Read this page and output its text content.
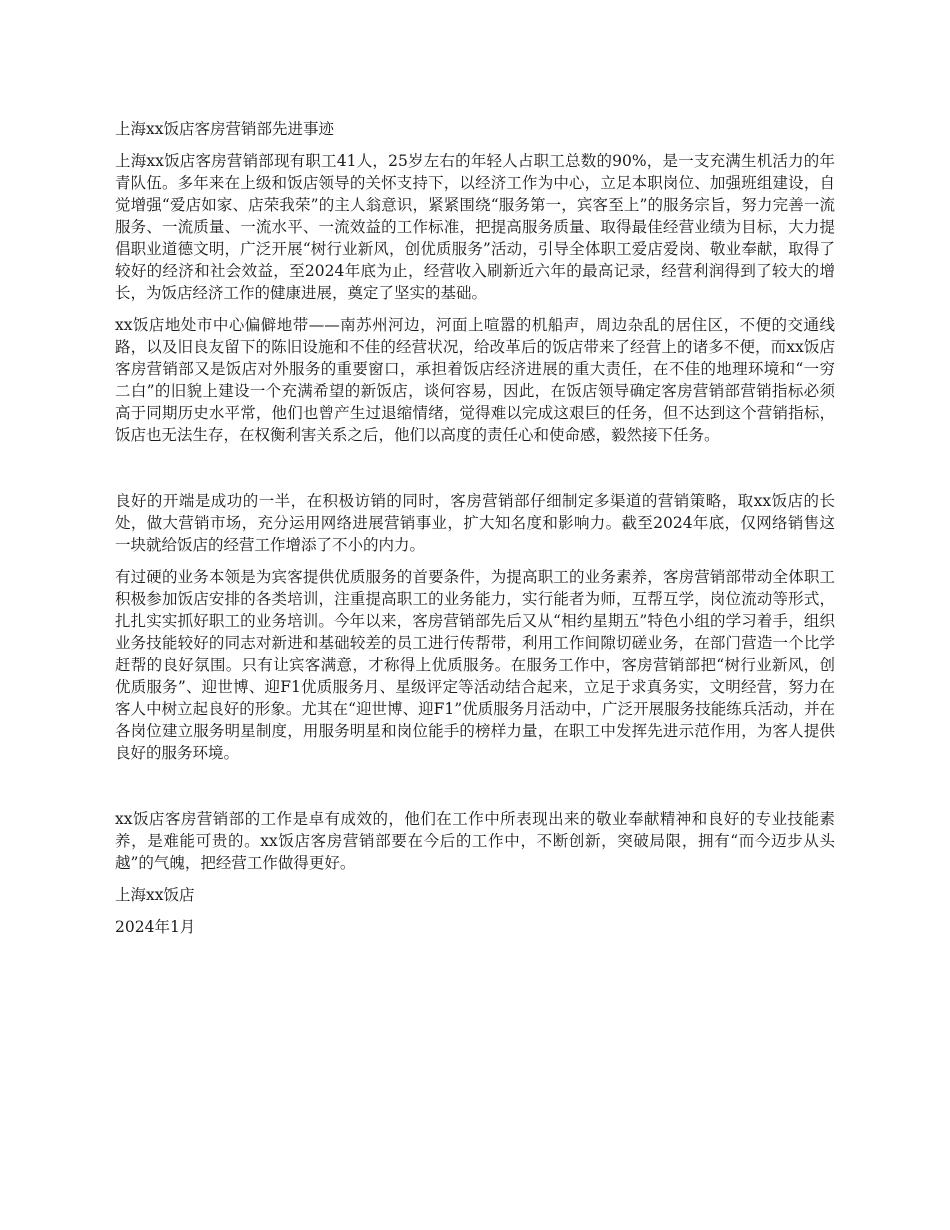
上海xx饭店客房营销部先进事迹

上海xx饭店客房营销部现有职工41人，25岁左右的年轻人占职工总数的90%，是一支充满生机活力的年青队伍。多年来在上级和饭店领导的关怀支持下，以经济工作为中心，立足本职岗位、加强班组建设，自觉增强“爱店如家、店荣我荣”的主人翁意识，紧紧围绕“服务第一，宾客至上”的服务宗旨，努力完善一流服务、一流质量、一流水平、一流效益的工作标准，把提高服务质量、取得最佳经营业绩为目标，大力提倡职业道德文明，广泛开展“树行业新风，创优质服务”活动，引导全体职工爱店爱岗、敬业奉献，取得了较好的经济和社会效益，至2024年底为止，经营收入刷新近六年的最高记录，经营利润得到了较大的增长，为饭店经济工作的健康进展，奠定了坚实的基础。

xx饭店地处市中心偏僻地带——南苏州河边，河面上喧嚣的机船声，周边杂乱的居住区，不便的交通线路，以及旧良友留下的陈旧设施和不佳的经营状况，给改革后的饭店带来了经营上的诸多不便，而xx饭店客房营销部又是饭店对外服务的重要窗口，承担着饭店经济进展的重大责任，在不佳的地理环境和“一穷二白”的旧貌上建设一个充满希望的新饭店，谈何容易，因此，在饭店领导确定客房营销部营销指标必须高于同期历史水平常，他们也曾产生过退缩情绪，觉得难以完成这艰巨的任务，但不达到这个营销指标，饭店也无法生存，在权衡利害关系之后，他们以高度的责任心和使命感，毅然接下任务。

良好的开端是成功的一半，在积极访销的同时，客房营销部仔细制定多渠道的营销策略，取xx饭店的长处，做大营销市场，充分运用网络进展营销事业，扩大知名度和影响力。截至2024年底，仅网络销售这一块就给饭店的经营工作增添了不小的内力。

有过硬的业务本领是为宾客提供优质服务的首要条件，为提高职工的业务素养，客房营销部带动全体职工积极参加饭店安排的各类培训，注重提高职工的业务能力，实行能者为师，互帮互学，岗位流动等形式，扎扎实实抓好职工的业务培训。今年以来，客房营销部先后又从“相约星期五”特色小组的学习着手，组织业务技能较好的同志对新进和基础较差的员工进行传帮带，利用工作间隙切磋业务，在部门营造一个比学赶帮的良好氛围。只有让宾客满意，才称得上优质服务。在服务工作中，客房营销部把“树行业新风，创优质服务”、迎世博、迎F1优质服务月、星级评定等活动结合起来，立足于求真务实，文明经营，努力在客人中树立起良好的形象。尤其在“迎世博、迎F1”优质服务月活动中，广泛开展服务技能练兵活动，并在各岗位建立服务明星制度，用服务明星和岗位能手的榜样力量，在职工中发挥先进示范作用，为客人提供良好的服务环境。

xx饭店客房营销部的工作是卓有成效的，他们在工作中所表现出来的敬业奉献精神和良好的专业技能素养，是难能可贵的。xx饭店客房营销部要在今后的工作中，不断创新，突破局限，拥有“而今迈步从头越”的气魄，把经营工作做得更好。

上海xx饭店

2024年1月
